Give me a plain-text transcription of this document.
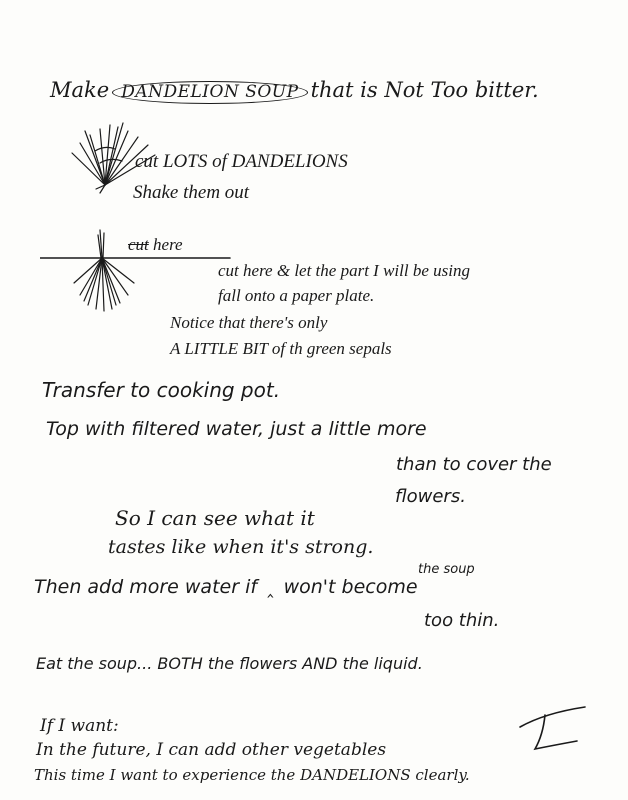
Make DANDELION SOUP that is Not Too bitter.
cut LOTS of DANDELIONS
Shake them out
cut here
cut here & let the part I will be using
fall onto a paper plate.
Notice that there's only
A LITTLE BIT of th green sepals
Transfer to cooking pot.
Top with filtered water, just a little more
than to cover the
flowers.
So I can see what it
tastes like when it's strong.
the soup
Then add more water if ‸ won't become
too thin.
Eat the soup... BOTH the flowers AND the liquid.
If I want:
In the future, I can add other vegetables
This time I want to experience the DANDELIONS clearly.
